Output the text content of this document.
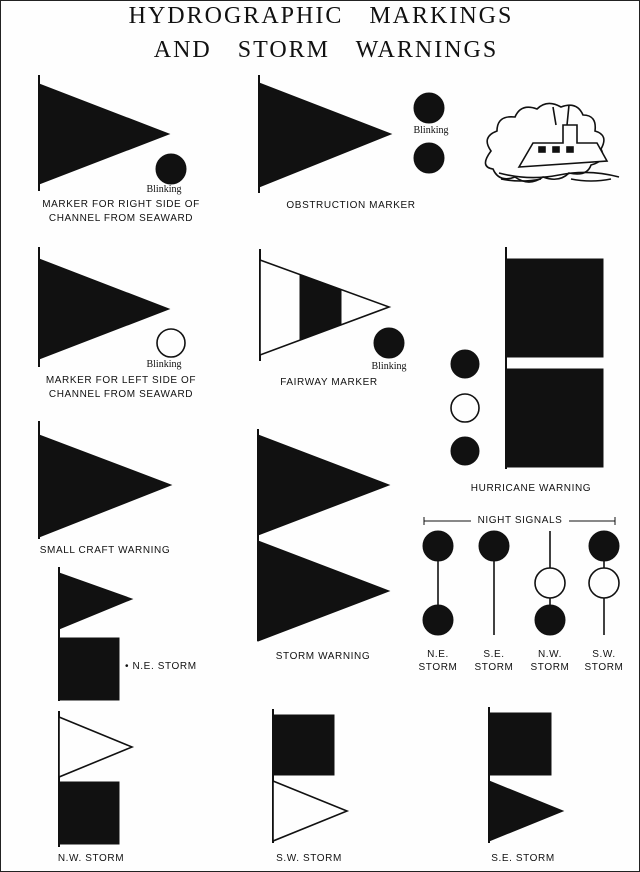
HYDROGRAPHIC MARKINGS
AND STORM WARNINGS
Blinking
Blinking
Blinking	Blinking
MARKER FOR RIGHT SIDE OF
CHANNEL FROM SEAWARD
OBSTRUCTION MARKER
MARKER FOR LEFT SIDE OF
CHANNEL FROM SEAWARD
FAIRWAY MARKER
HURRICANE WARNING
SMALL CRAFT WARNING
STORM WARNING
NIGHT SIGNALS
• N.E. STORM
N.W. STORM	S.W. STORM	S.E. STORM
N.E.
STORM
S.E.
STORM
N.W.
STORM
S.W.
STORM
